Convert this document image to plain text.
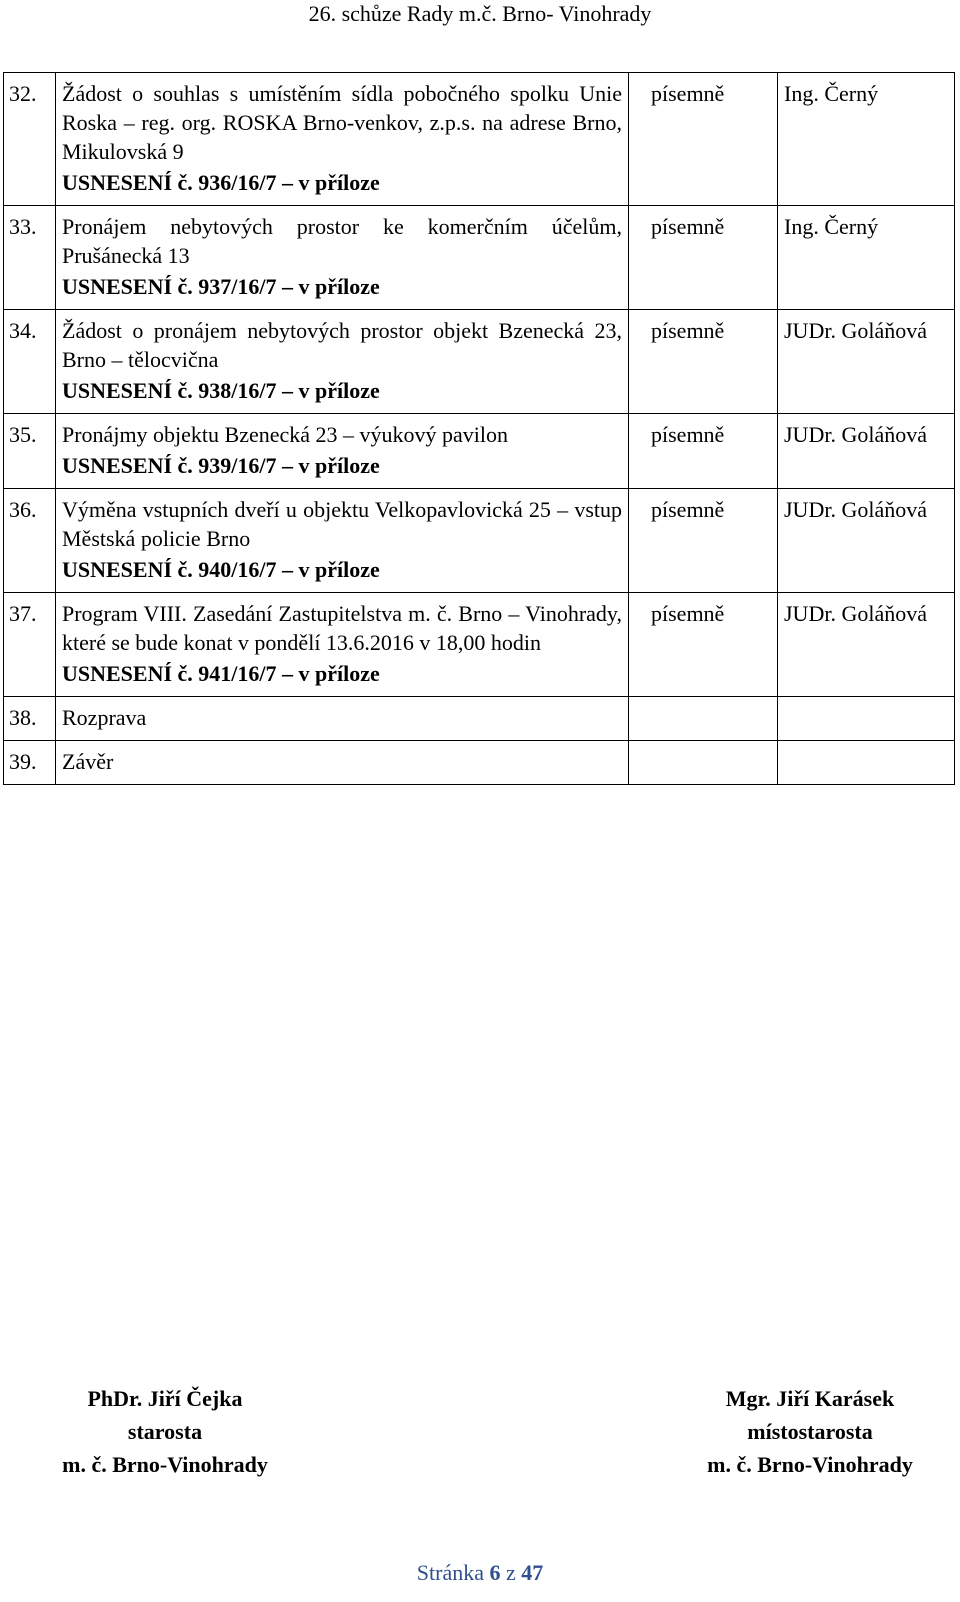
26. schůze Rady m.č. Brno- Vinohrady
32.	Žádost o souhlas s umístěním sídla pobočného spolku Unie Roska – reg. org. ROSKA Brno-venkov, z.p.s. na adrese Brno, Mikulovská 9
USNESENÍ č. 936/16/7 – v příloze	písemně	Ing. Černý
33.	Pronájem nebytových prostor ke komerčním účelům, Prušánecká 13
USNESENÍ č. 937/16/7 – v příloze	písemně	Ing. Černý
34.	Žádost o pronájem nebytových prostor objekt Bzenecká 23, Brno – tělocvična
USNESENÍ č. 938/16/7 – v příloze	písemně	JUDr. Goláňová
35.	Pronájmy objektu Bzenecká 23 – výukový pavilon
USNESENÍ č. 939/16/7 – v příloze	písemně	JUDr. Goláňová
36.	Výměna vstupních dveří u objektu Velkopavlovická 25 – vstup Městská policie Brno
USNESENÍ č. 940/16/7 – v příloze	písemně	JUDr. Goláňová
37.	Program VIII. Zasedání Zastupitelstva m. č. Brno – Vinohrady, které se bude konat v pondělí 13.6.2016 v 18,00 hodin
USNESENÍ č. 941/16/7 – v příloze	písemně	JUDr. Goláňová
38.	Rozprava		

39.	Závěr		

PhDr. Jiří Čejka
starosta
m. č. Brno-Vinohrady
Mgr. Jiří Karásek
místostarosta
m. č. Brno-Vinohrady
Stránka 6 z 47
